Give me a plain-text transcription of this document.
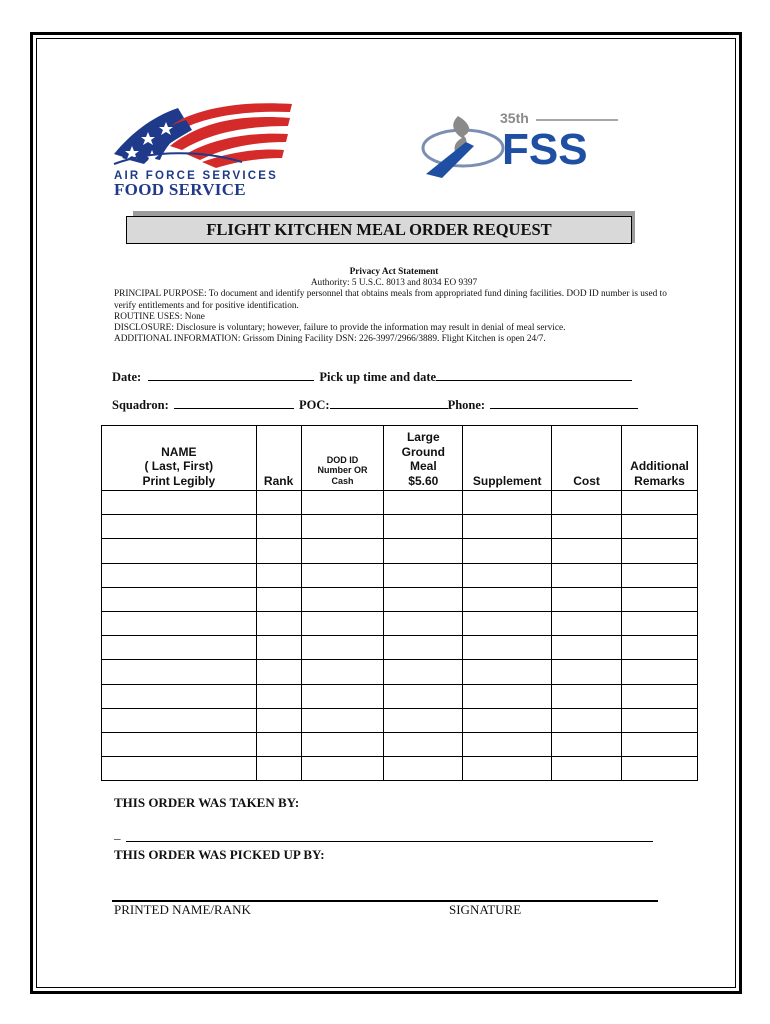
AIR FORCE SERVICES
FOOD SERVICE
35th
FSS
FLIGHT KITCHEN MEAL ORDER REQUEST
Privacy Act Statement
Authority: 5 U.S.C. 8013 and 8034 EO 9397
PRINCIPAL PURPOSE: To document and identify personnel that obtains meals from appropriated fund dining facilities. DOD ID number is used to verify entitlements and for positive identification.
ROUTINE USES: None
DISCLOSURE: Disclosure is voluntary; however, failure to provide the information may result in denial of meal service.
ADDITIONAL INFORMATION: Grissom Dining Facility DSN: 226-3997/2966/3889. Flight Kitchen is open 24/7.
Date:	Pick up time and date
Squadron:	POC:	Phone:
NAME
( Last, First)
Print Legibly	Rank	DOD ID
Number OR
Cash	Large
Ground
Meal
$5.60	Supplement	Cost	Additional
Remarks

THIS ORDER WAS TAKEN BY:
_
THIS ORDER WAS PICKED UP BY:
PRINTED NAME/RANK	SIGNATURE
